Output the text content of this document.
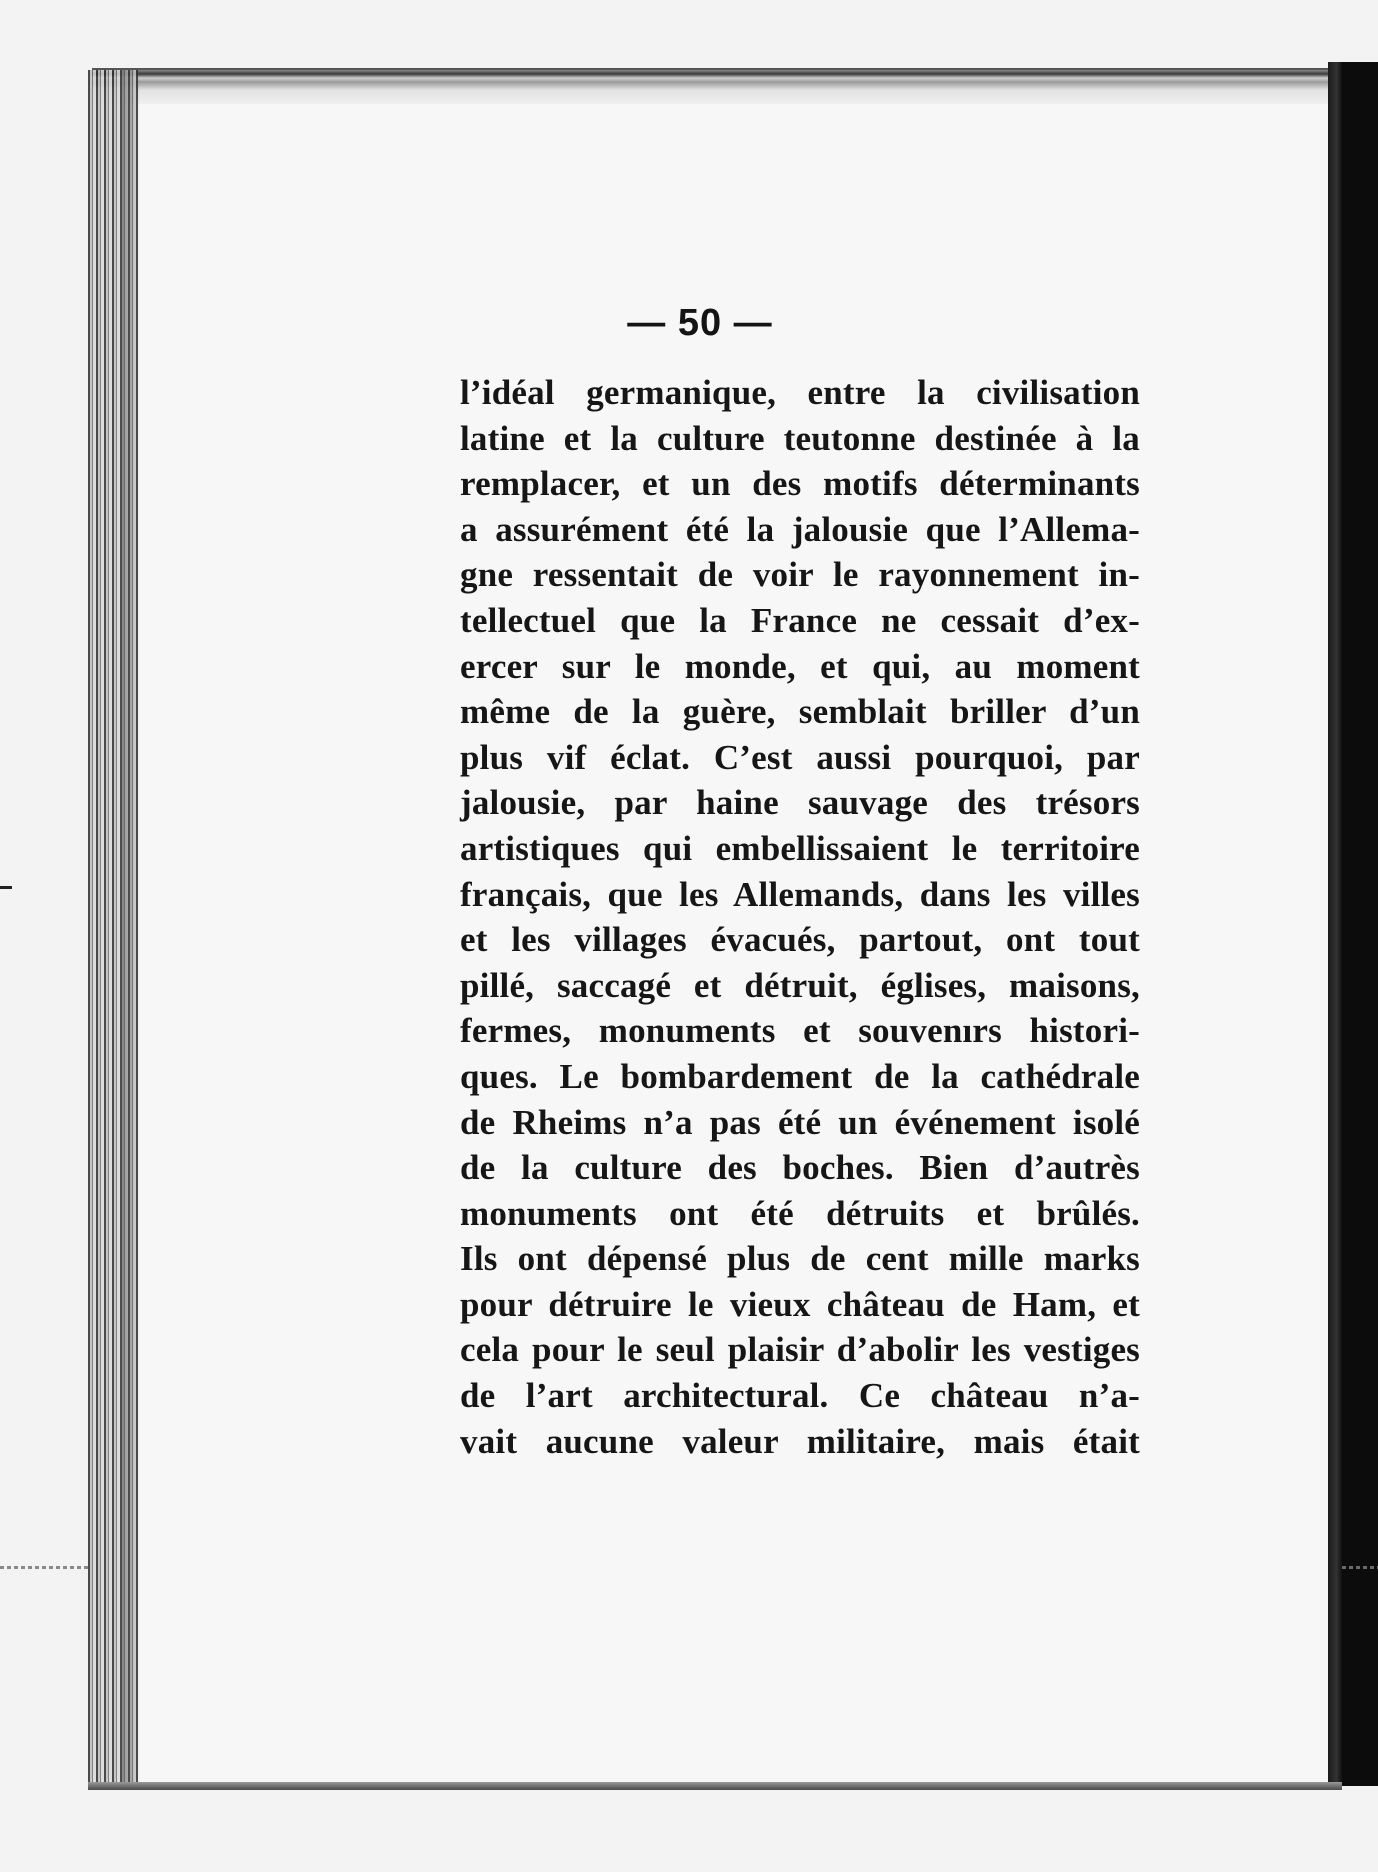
— 50 —
l’idéal germanique, entre la civilisation
latine et la culture teutonne destinée à la
remplacer, et un des motifs déterminants
a assurément été la jalousie que l’Allema-
gne ressentait de voir le rayonnement in-
tellectuel que la France ne cessait d’ex-
ercer sur le monde, et qui, au moment
même de la guère, semblait briller d’un
plus vif éclat. C’est aussi pourquoi, par
jalousie, par haine sauvage des trésors
artistiques qui embellissaient le territoire
français, que les Allemands, dans les villes
et les villages évacués, partout, ont tout
pillé, saccagé et détruit, églises, maisons,
fermes, monuments et souvenırs histori-
ques. Le bombardement de la cathédrale
de Rheims n’a pas été un événement isolé
de la culture des boches. Bien d’autrès
monuments ont été détruits et brûlés.
Ils ont dépensé plus de cent mille marks
pour détruire le vieux château de Ham, et
cela pour le seul plaisir d’abolir les vestiges
de l’art architectural. Ce château n’a-
vait aucune valeur militaire, mais était
